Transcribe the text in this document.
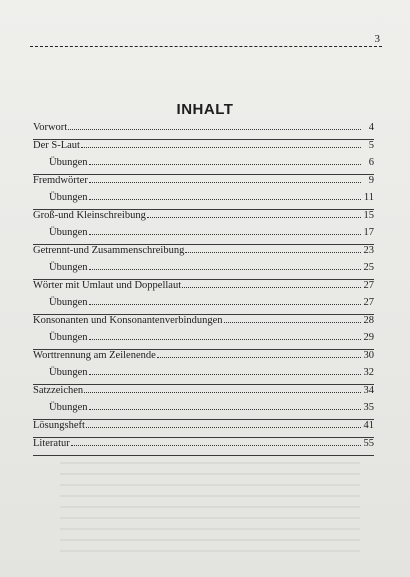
3
INHALT
Vorwort	4
Der S-Laut	5
Übungen	6
Fremdwörter	9
Übungen	11
Groß-und Kleinschreibung	15
Übungen	17
Getrennt-und Zusammenschreibung	23
Übungen	25
Wörter mit Umlaut und Doppellaut	27
Übungen	27
Konsonanten und Konsonantenverbindungen	28
Übungen	29
Worttrennung am Zeilenende	30
Übungen	32
Satzzeichen	34
Übungen	35
Lösungsheft	41
Literatur	55
